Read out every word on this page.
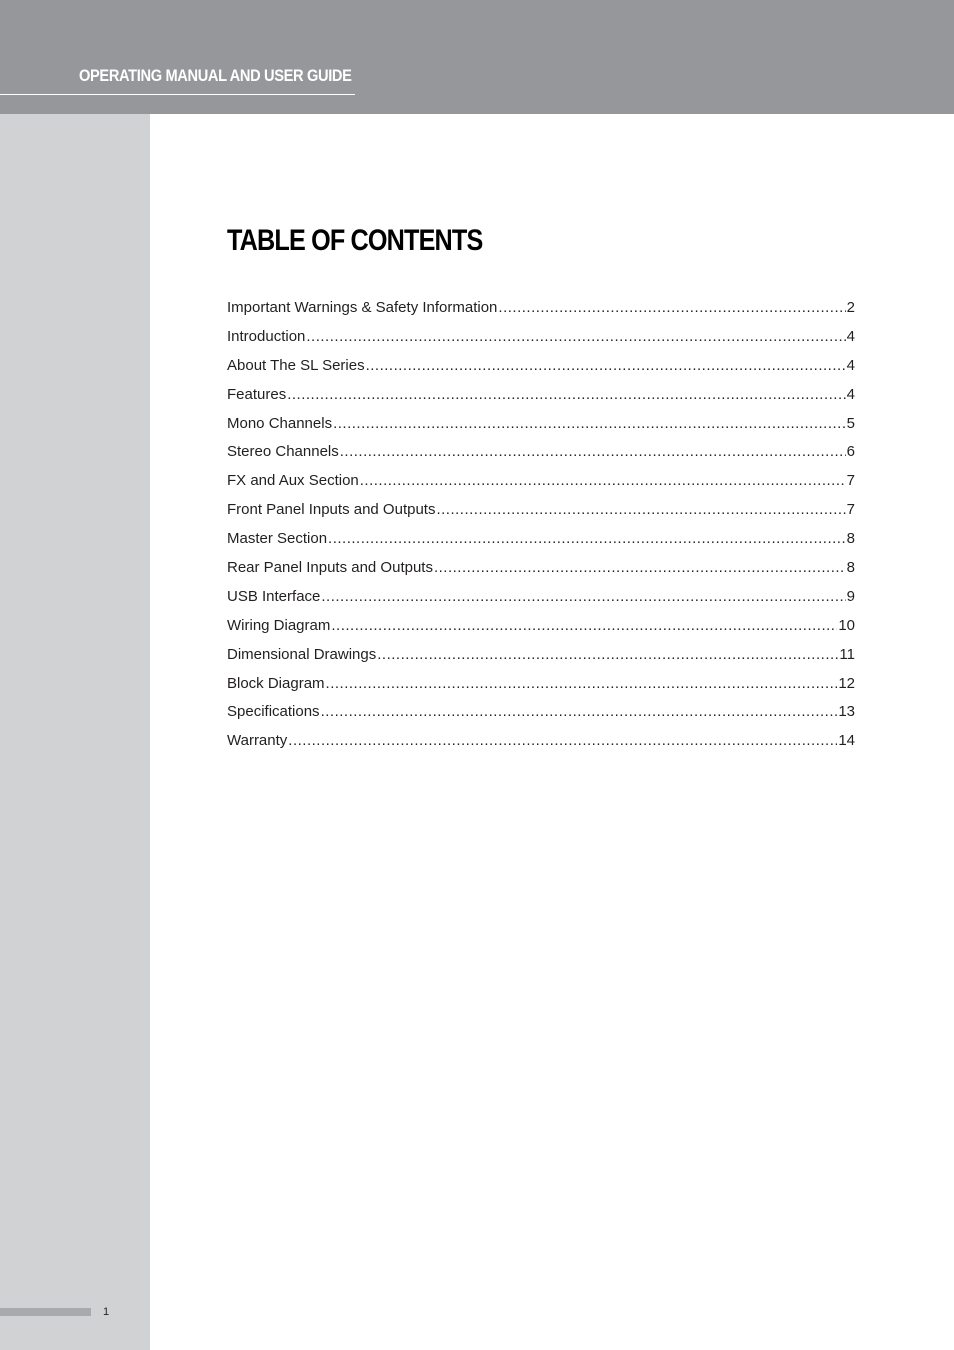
OPERATING MANUAL AND USER GUIDE
TABLE OF CONTENTS
Important Warnings & Safety Information .....	2
Introduction .....	4
About The SL Series .....	4
Features .....	4
Mono Channels .....	5
Stereo Channels .....	6
FX and Aux Section .....	7
Front Panel Inputs and Outputs .....	7
Master Section .....	8
Rear Panel Inputs and Outputs .....	8
USB Interface .....	9
Wiring Diagram .....	10
Dimensional Drawings .....	11
Block Diagram .....	12
Specifications .....	13
Warranty .....	14
1
